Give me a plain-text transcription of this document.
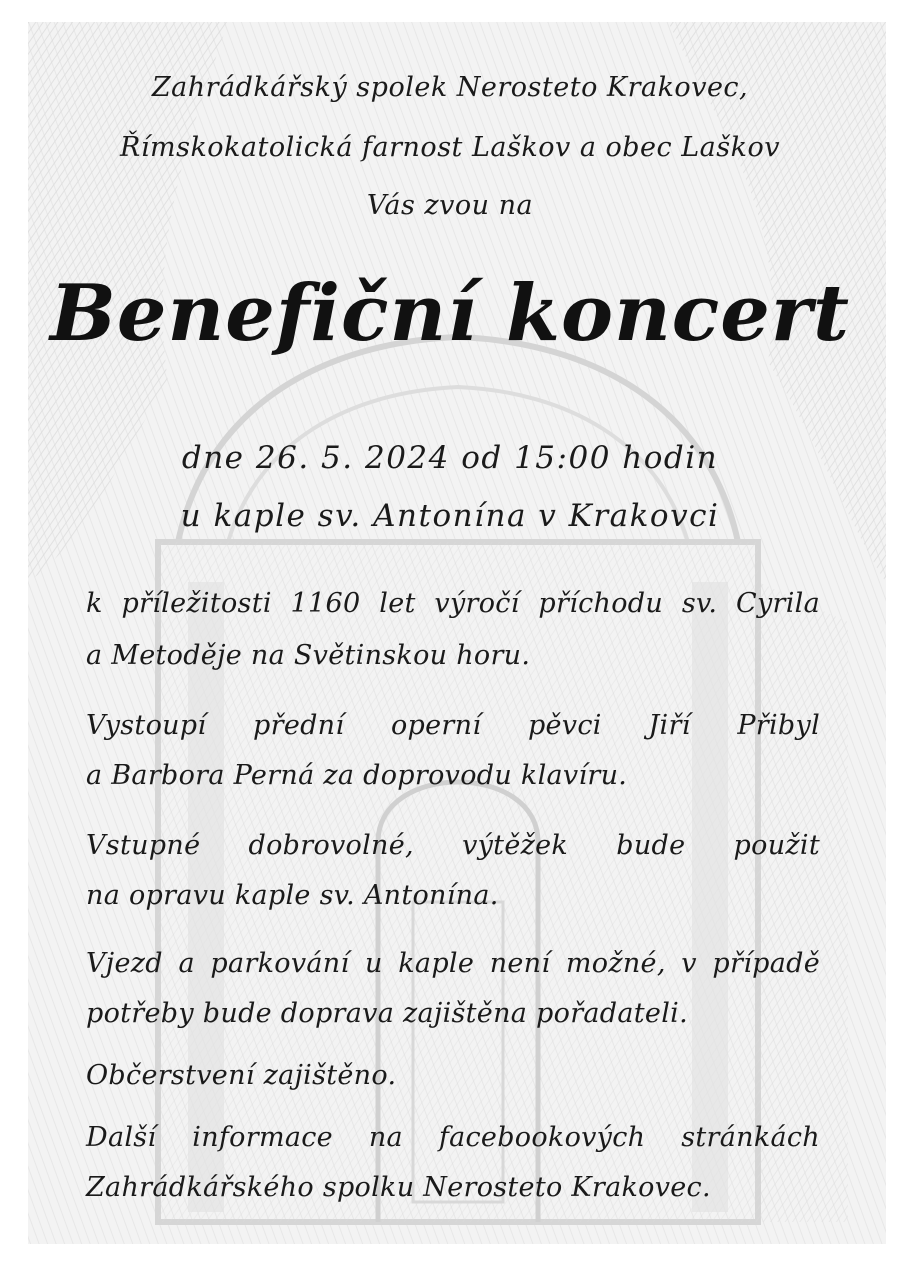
Zahrádkářský spolek Nerosteto Krakovec,
Římskokatolická farnost Laškov a obec Laškov
Vás zvou na
Benefiční koncert
dne 26. 5. 2024 od 15:00 hodin
u kaple sv. Antonína v Krakovci
k příležitosti 1160 let výročí příchodu sv. Cyrila
a Metoděje na Světinskou horu.
Vystoupí přední operní pěvci Jiří Přibyl
a Barbora Perná za doprovodu klavíru.
Vstupné dobrovolné, výtěžek bude použit
na opravu kaple sv. Antonína.
Vjezd a parkování u kaple není možné, v případě
potřeby bude doprava zajištěna pořadateli.
Občerstvení zajištěno.
Další informace na facebookových stránkách
Zahrádkářského spolku Nerosteto Krakovec.
